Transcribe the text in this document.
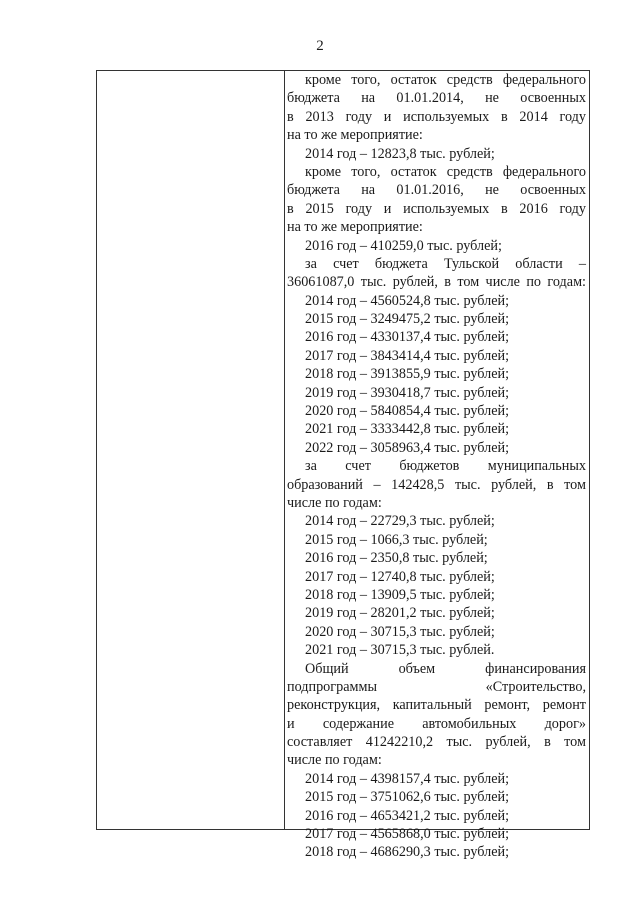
2
кроме того, остаток средств федерального
бюджета на 01.01.2014, не освоенных
в 2013 году и используемых в 2014 году
на то же мероприятие:
2014 год – 12823,8 тыс. рублей;
кроме того, остаток средств федерального
бюджета на 01.01.2016, не освоенных
в 2015 году и используемых в 2016 году
на то же мероприятие:
2016 год – 410259,0 тыс. рублей;
за счет бюджета Тульской области –
36061087,0 тыс. рублей, в том числе по годам:
2014 год – 4560524,8 тыс. рублей;
2015 год – 3249475,2 тыс. рублей;
2016 год – 4330137,4 тыс. рублей;
2017 год – 3843414,4 тыс. рублей;
2018 год – 3913855,9 тыс. рублей;
2019 год – 3930418,7 тыс. рублей;
2020 год – 5840854,4 тыс. рублей;
2021 год – 3333442,8 тыс. рублей;
2022 год – 3058963,4 тыс. рублей;
за счет бюджетов муниципальных
образований – 142428,5 тыс. рублей, в том
числе по годам:
2014 год – 22729,3 тыс. рублей;
2015 год – 1066,3 тыс. рублей;
2016 год – 2350,8 тыс. рублей;
2017 год – 12740,8 тыс. рублей;
2018 год – 13909,5 тыс. рублей;
2019 год – 28201,2 тыс. рублей;
2020 год – 30715,3 тыс. рублей;
2021 год – 30715,3 тыс. рублей.
Общий объем финансирования
подпрограммы «Строительство,
реконструкция, капитальный ремонт, ремонт
и содержание автомобильных дорог»
составляет 41242210,2 тыс. рублей, в том
числе по годам:
2014 год – 4398157,4 тыс. рублей;
2015 год – 3751062,6 тыс. рублей;
2016 год – 4653421,2 тыс. рублей;
2017 год – 4565868,0 тыс. рублей;
2018 год – 4686290,3 тыс. рублей;
